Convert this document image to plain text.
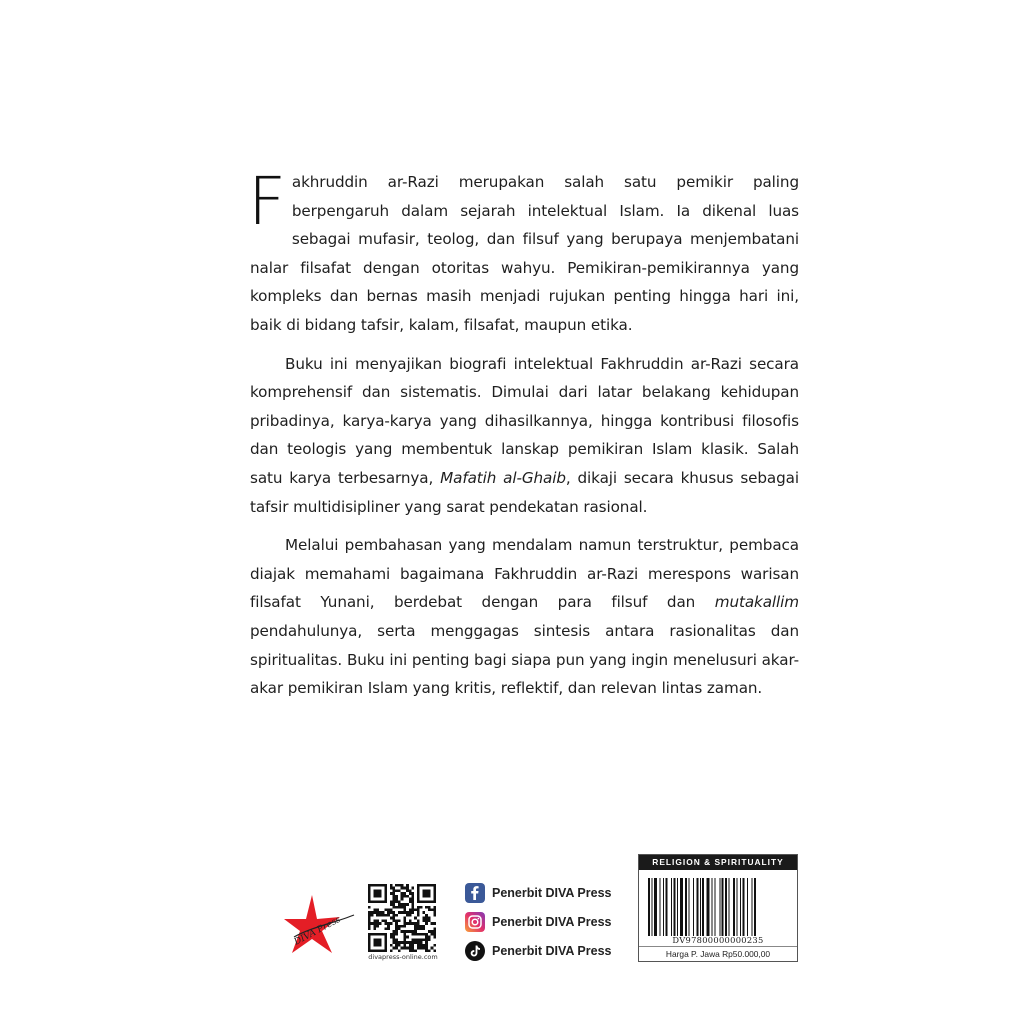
Fakhruddin ar-Razi merupakan salah satu pemikir paling berpengaruh dalam sejarah intelektual Islam. Ia dikenal luas sebagai mufasir, teolog, dan filsuf yang berupaya menjembatani nalar filsafat dengan otoritas wahyu. Pemikiran-pemikirannya yang kompleks dan bernas masih menjadi rujukan penting hingga hari ini, baik di bidang tafsir, kalam, filsafat, maupun etika.

Buku ini menyajikan biografi intelektual Fakhruddin ar-Razi secara komprehensif dan sistematis. Dimulai dari latar belakang kehidupan pribadinya, karya-karya yang dihasilkannya, hingga kontribusi filosofis dan teologis yang membentuk lanskap pemikiran Islam klasik. Salah satu karya terbesarnya, Mafatih al-Ghaib, dikaji secara khusus sebagai tafsir multidisipliner yang sarat pendekatan rasional.

Melalui pembahasan yang mendalam namun terstruktur, pembaca diajak memahami bagaimana Fakhruddin ar-Razi merespons warisan filsafat Yunani, berdebat dengan para filsuf dan mutakallim pendahulunya, serta menggagas sintesis antara rasionalitas dan spiritualitas. Buku ini penting bagi siapa pun yang ingin menelusuri akar-akar pemikiran Islam yang kritis, reflektif, dan relevan lintas zaman.

DIVA Press
divapress-online.com
Penerbit DIVA Press
Penerbit DIVA Press
Penerbit DIVA Press
RELIGION & SPIRITUALITY
DV97800000000235
Harga P. Jawa Rp50.000,00
